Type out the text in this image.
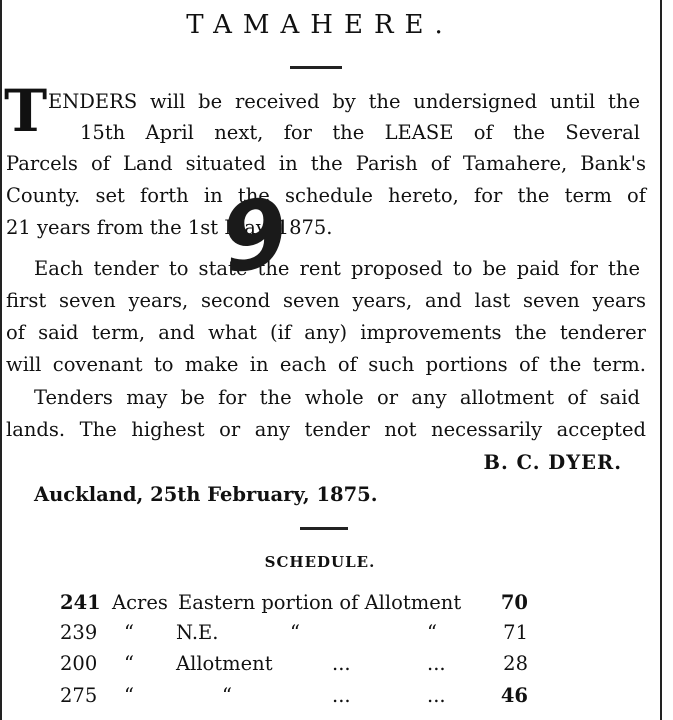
TAMAHERE.
T ENDERS will be received by the undersigned until the
15th April next, for the LEASE of the Several
Parcels of Land situated in the Parish of Tamahere, Bank's
County. set forth in the schedule hereto, for the term of
21 years from the 1st May, 1875.
Each tender to state the rent proposed to be paid for the
first seven years, second seven years, and last seven years
of said term, and what (if any) improvements the tenderer
will covenant to make in each of such portions of the term.
Tenders may be for the whole or any allotment of said
lands. The highest or any tender not necessarily accepted
B. C. DYER.
Auckland, 25th February, 1875.
9
SCHEDULE.
241 Acres Eastern portion of Allotment	70
239 “ N.E.	“	“	71
200 “ Allotment	...	...	28
275 “	“	...	...	46
